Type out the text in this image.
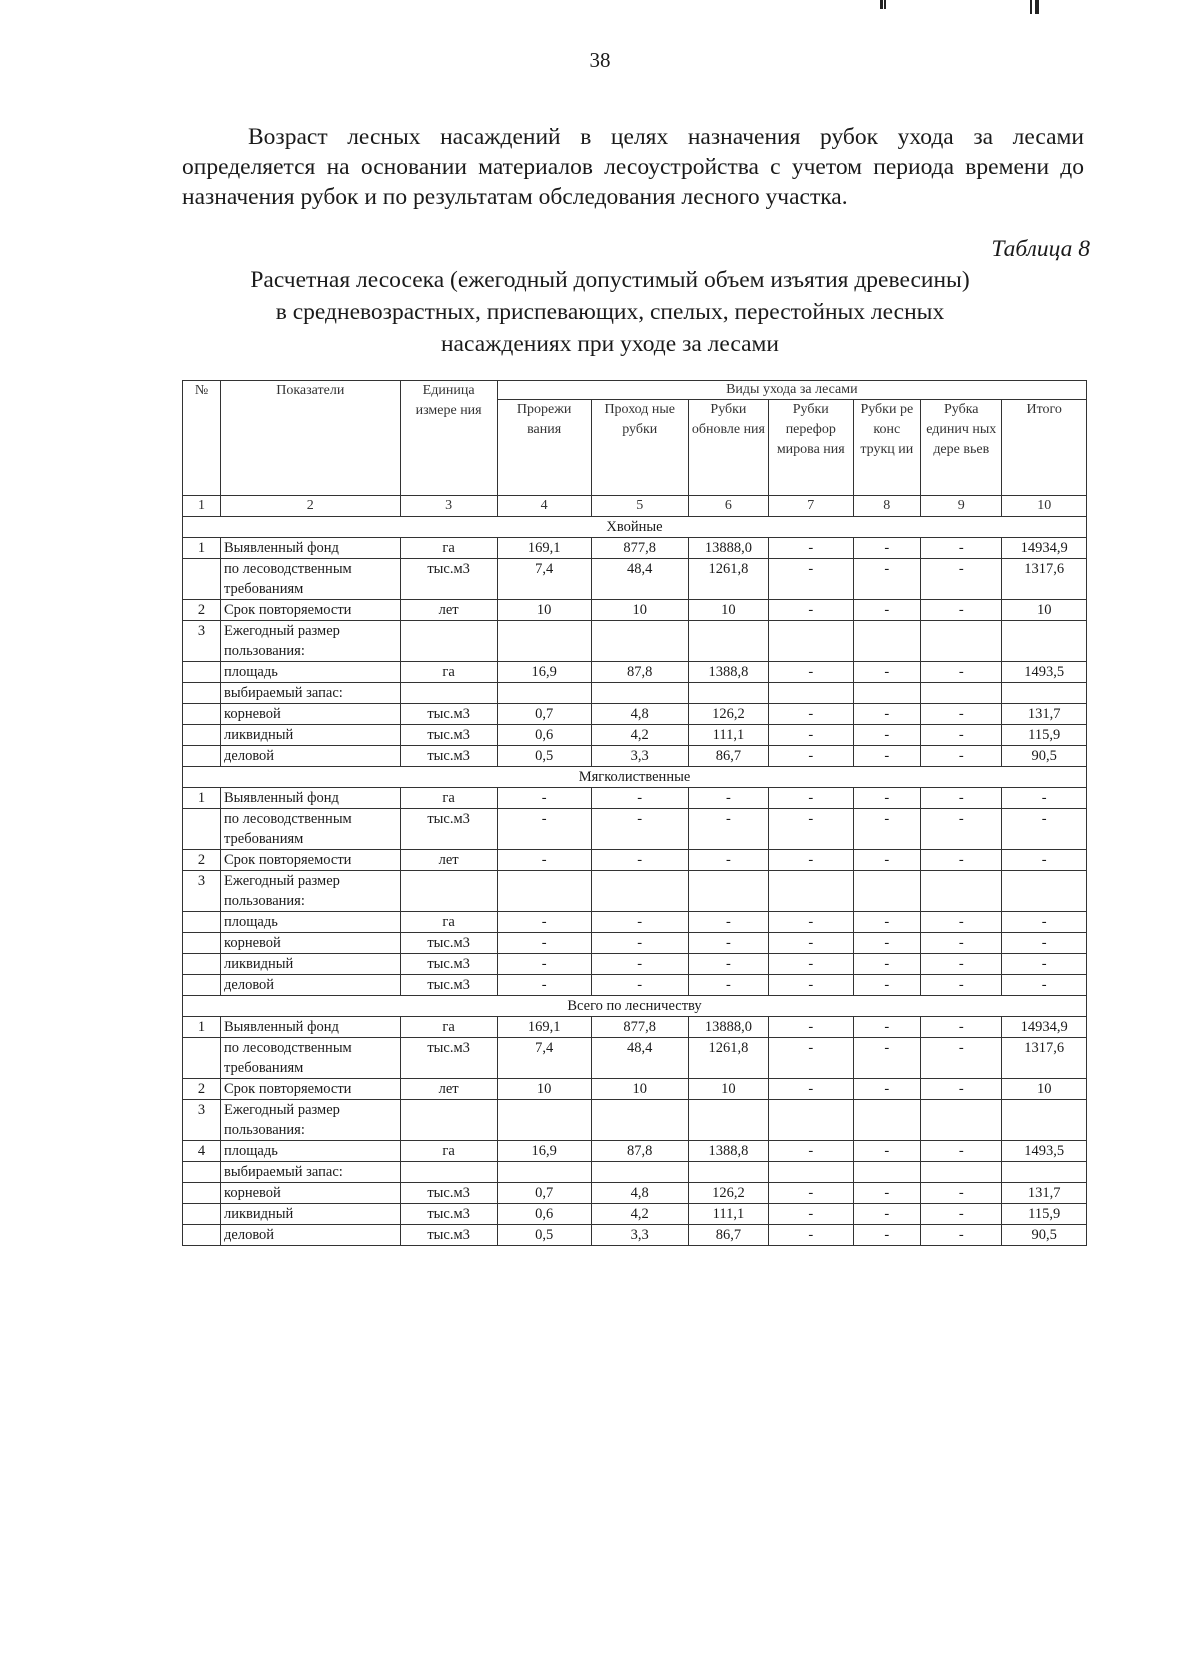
38
Возраст лесных насаждений в целях назначения рубок ухода за лесами определяется на основании материалов лесоустройства с учетом периода времени до назначения рубок и по результатам обследования лесного участка.
Таблица 8
Расчетная лесосека (ежегодный допустимый объем изъятия древесины)
в средневозрастных, приспевающих, спелых, перестойных лесных
насаждениях при уходе за лесами
№	Показатели	Единица измере ния	Виды ухода за лесами						
			Прорежи вания	Проход ные рубки	Рубки обновле ния	Рубки перефор мирова ния	Рубки ре конс трукц ии	Рубка единич ных дере вьев	Итого
1	2	3	4	5	6	7	8	9	10
Хвойные									
1	Выявленный фонд	га	169,1	877,8	13888,0	-	-	-	14934,9
	по лесоводственным требованиям	тыс.м3	7,4	48,4	1261,8	-	-	-	1317,6
2	Срок повторяемости	лет	10	10	10	-	-	-	10
3	Ежегодный размер пользования:								
	площадь	га	16,9	87,8	1388,8	-	-	-	1493,5
	выбираемый запас:								
	корневой	тыс.м3	0,7	4,8	126,2	-	-	-	131,7
	ликвидный	тыс.м3	0,6	4,2	111,1	-	-	-	115,9
	деловой	тыс.м3	0,5	3,3	86,7	-	-	-	90,5
Мягколиственные									
1	Выявленный фонд	га	-	-	-	-	-	-	-
	по лесоводственным требованиям	тыс.м3	-	-	-	-	-	-	-
2	Срок повторяемости	лет	-	-	-	-	-	-	-
3	Ежегодный размер пользования:								
	площадь	га	-	-	-	-	-	-	-
	корневой	тыс.м3	-	-	-	-	-	-	-
	ликвидный	тыс.м3	-	-	-	-	-	-	-
	деловой	тыс.м3	-	-	-	-	-	-	-
Всего по лесничеству									
1	Выявленный фонд	га	169,1	877,8	13888,0	-	-	-	14934,9
	по лесоводственным требованиям	тыс.м3	7,4	48,4	1261,8	-	-	-	1317,6
2	Срок повторяемости	лет	10	10	10	-	-	-	10
3	Ежегодный размер пользования:								
4	площадь	га	16,9	87,8	1388,8	-	-	-	1493,5
	выбираемый запас:								
	корневой	тыс.м3	0,7	4,8	126,2	-	-	-	131,7
	ликвидный	тыс.м3	0,6	4,2	111,1	-	-	-	115,9
	деловой	тыс.м3	0,5	3,3	86,7	-	-	-	90,5
